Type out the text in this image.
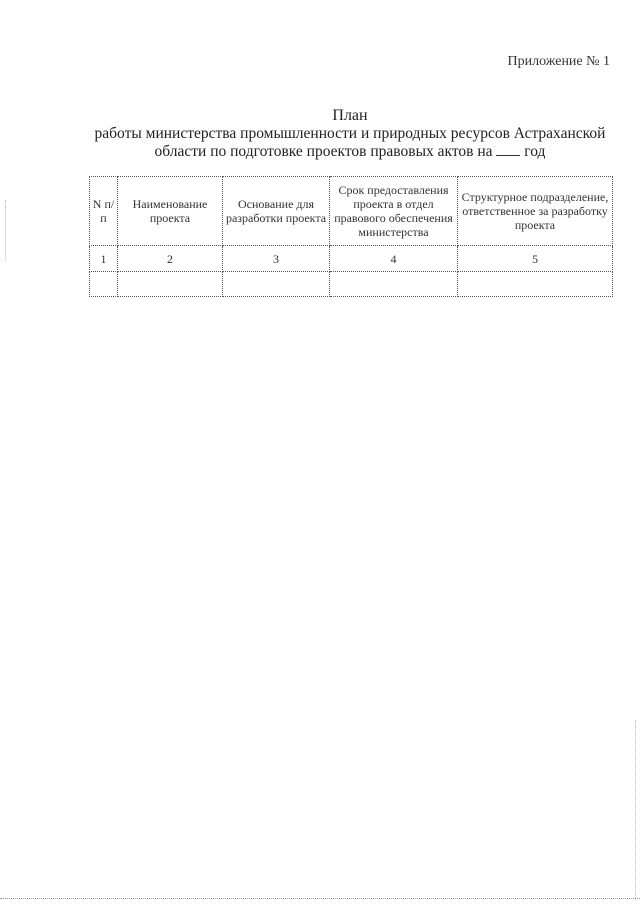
Приложение № 1
План
работы министерства промышленности и природных ресурсов Астраханской
области по подготовке проектов правовых актов на год
N п/п	Наименование проекта	Основание для разработки проекта	Срок предоставления проекта в отдел правового обеспечения министерства	Структурное подразделение, ответственное за разработку проекта
1	2	3	4	5
